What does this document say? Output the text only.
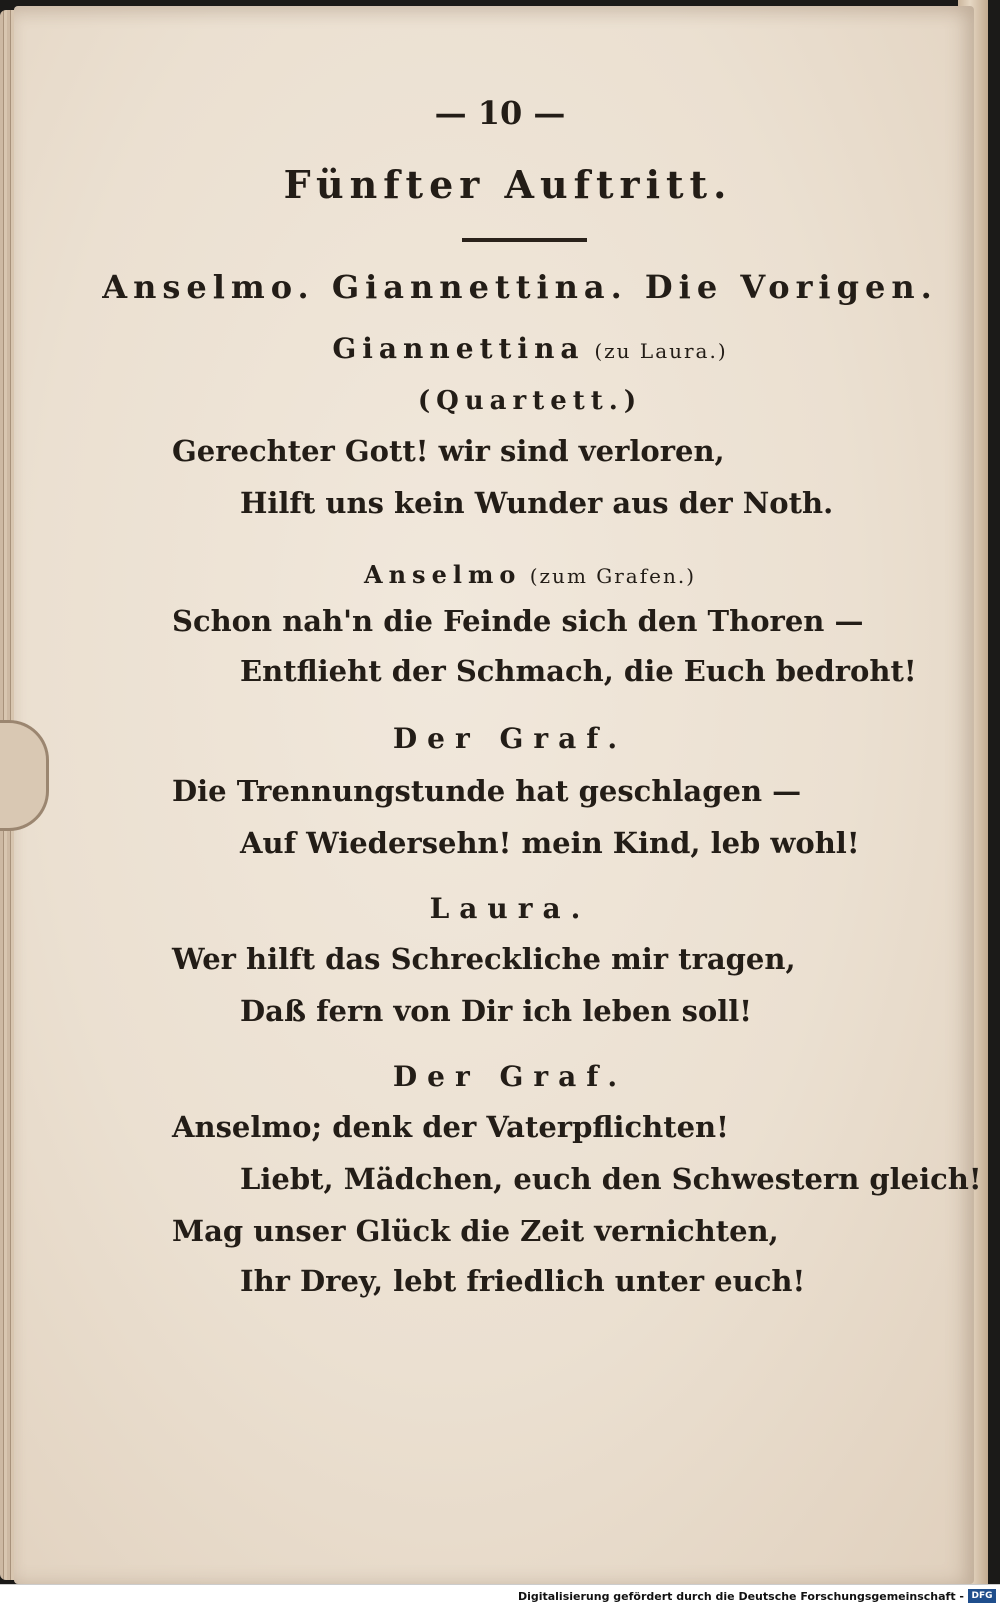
— 10 —
Fünfter Auftritt.
Anselmo. Giannettina. Die Vorigen.
Giannettina (zu Laura.)
(Quartett.)
Gerechter Gott! wir sind verloren,
Hilft uns kein Wunder aus der Noth.
Anselmo (zum Grafen.)
Schon nah'n die Feinde sich den Thoren —
Entflieht der Schmach, die Euch bedroht!
Der Graf.
Die Trennungstunde hat geschlagen —
Auf Wiedersehn! mein Kind, leb wohl!
Laura.
Wer hilft das Schreckliche mir tragen,
Daß fern von Dir ich leben soll!
Der Graf.
Anselmo; denk der Vaterpflichten!
Liebt, Mädchen, euch den Schwestern gleich!
Mag unser Glück die Zeit vernichten,
Ihr Drey, lebt friedlich unter euch!
Digitalisierung gefördert durch die Deutsche Forschungsgemeinschaft - DFG
